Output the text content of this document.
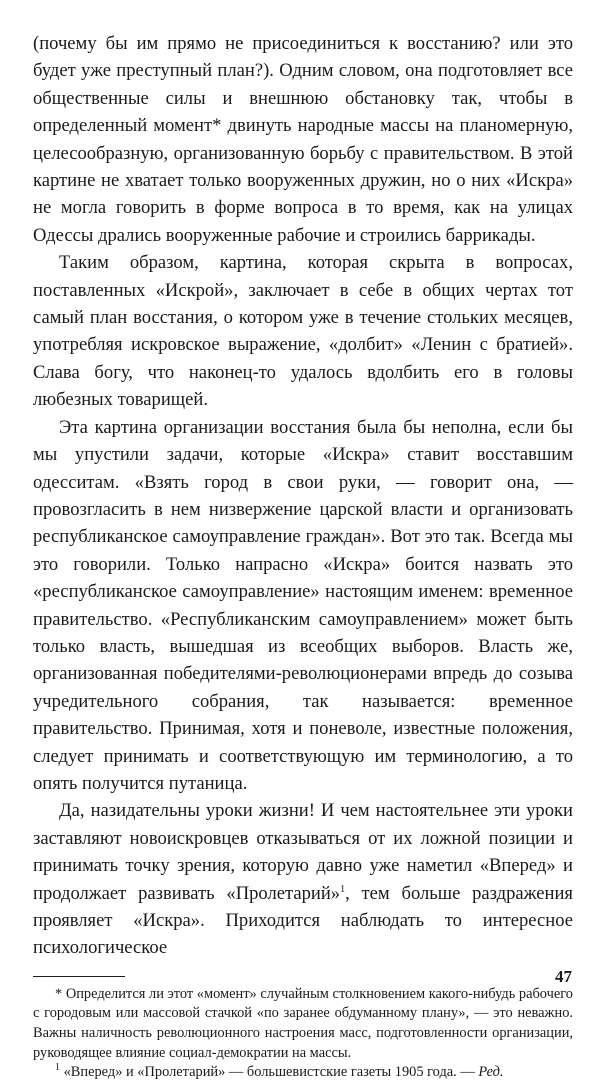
(почему бы им прямо не присоединиться к восстанию? или это будет уже преступный план?). Одним словом, она подготовляет все общественные силы и внешнюю обстановку так, чтобы в определенный момент* двинуть народные массы на планомерную, целесообразную, организованную борьбу с правительством. В этой картине не хватает только вооруженных дружин, но о них «Искра» не могла говорить в форме вопроса в то время, как на улицах Одессы дрались вооруженные рабочие и строились баррикады.

Таким образом, картина, которая скрыта в вопросах, поставленных «Искрой», заключает в себе в общих чертах тот самый план восстания, о котором уже в течение стольких месяцев, употребляя искровское выражение, «долбит» «Ленин с братией». Слава богу, что наконец-то удалось вдолбить его в головы любезных товарищей.

Эта картина организации восстания была бы неполна, если бы мы упустили задачи, которые «Искра» ставит восставшим одесситам. «Взять город в свои руки, — говорит она, — провозгласить в нем низвержение царской власти и организовать республиканское самоуправление граждан». Вот это так. Всегда мы это говорили. Только напрасно «Искра» боится назвать это «республиканское самоуправление» настоящим именем: временное правительство. «Республиканским самоуправлением» может быть только власть, вышедшая из всеобщих выборов. Власть же, организованная победителями-революционерами впредь до созыва учредительного собрания, так называется: временное правительство. Принимая, хотя и поневоле, известные положения, следует принимать и соответствующую им терминологию, а то опять получится путаница.

Да, назидательны уроки жизни! И чем настоятельнее эти уроки заставляют новоискровцев отказываться от их ложной позиции и принимать точку зрения, которую давно уже наметил «Вперед» и продолжает развивать «Пролетарий»$^1$, тем больше раздражения проявляет «Искра». Приходится наблюдать то интересное психологическое

* Определится ли этот «момент» случайным столкновением какого-нибудь рабочего с городовым или массовой стачкой «по заранее обдуманному плану», — это неважно. Важны наличность революционного настроения масс, подготовленности организации, руководящее влияние социал-демократии на массы.

$^1$ «Вперед» и «Пролетарий» — большевистские газеты 1905 года. — Ред.

47
